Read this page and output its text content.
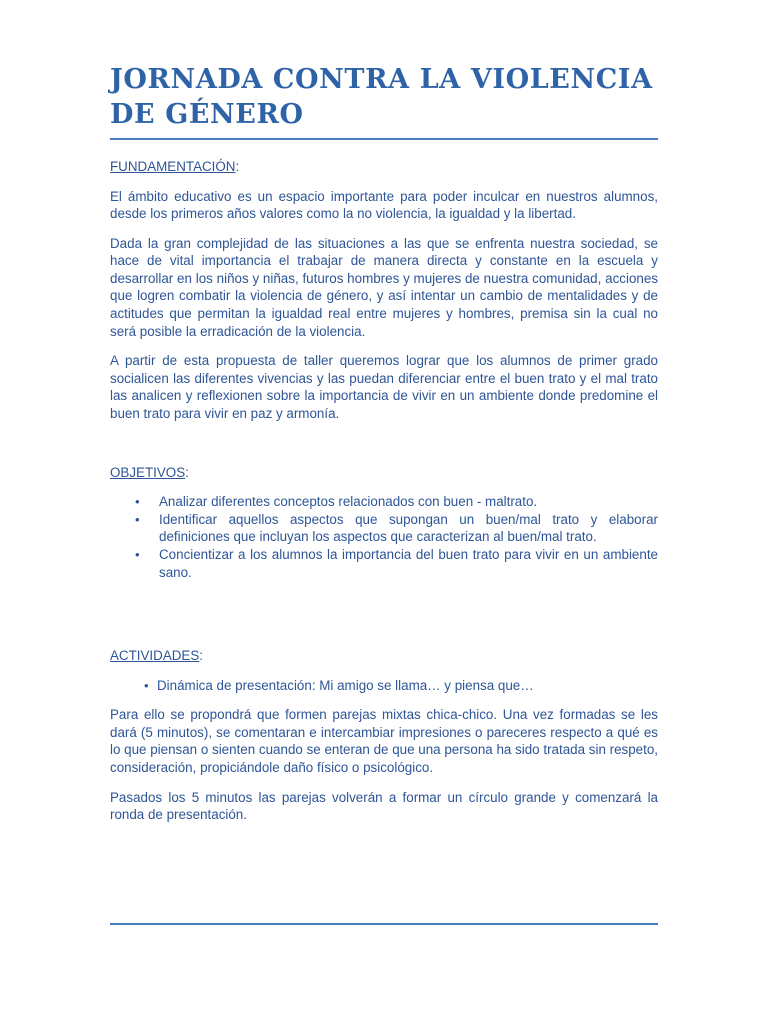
JORNADA CONTRA LA VIOLENCIA DE GÉNERO

FUNDAMENTACIÓN:

El ámbito educativo es un espacio importante para poder inculcar en nuestros alumnos, desde los primeros años valores como la no violencia, la igualdad y la libertad.

Dada la gran complejidad de las situaciones a las que se enfrenta nuestra sociedad, se hace de vital importancia el trabajar de manera directa y constante en la escuela y desarrollar en los niños y niñas, futuros hombres y mujeres de nuestra comunidad, acciones que logren combatir la violencia de género, y así intentar un cambio de mentalidades y de actitudes que permitan la igualdad real entre mujeres y hombres, premisa sin la cual no será posible la erradicación de la violencia.

A partir de esta propuesta de taller queremos lograr que los alumnos de primer grado socialicen las diferentes vivencias y las puedan diferenciar entre el buen trato y el mal trato las analicen y reflexionen sobre la importancia de vivir en un ambiente donde predomine el buen trato para vivir en paz y armonía.

OBJETIVOS:

• Analizar diferentes conceptos relacionados con buen - maltrato.
• Identificar aquellos aspectos que supongan un buen/mal trato y elaborar definiciones que incluyan los aspectos que caracterizan al buen/mal trato.
• Concientizar a los alumnos la importancia del buen trato para vivir en un ambiente sano.

ACTIVIDADES:

• Dinámica de presentación: Mi amigo se llama… y piensa que…

Para ello se propondrá que formen parejas mixtas chica-chico. Una vez formadas se les dará (5 minutos), se comentaran e intercambiar impresiones o pareceres respecto a qué es lo que piensan o sienten cuando se enteran de que una persona ha sido tratada sin respeto, consideración, propiciándole daño físico o psicológico.

Pasados los 5 minutos las parejas volverán a formar un círculo grande y comenzará la ronda de presentación.
